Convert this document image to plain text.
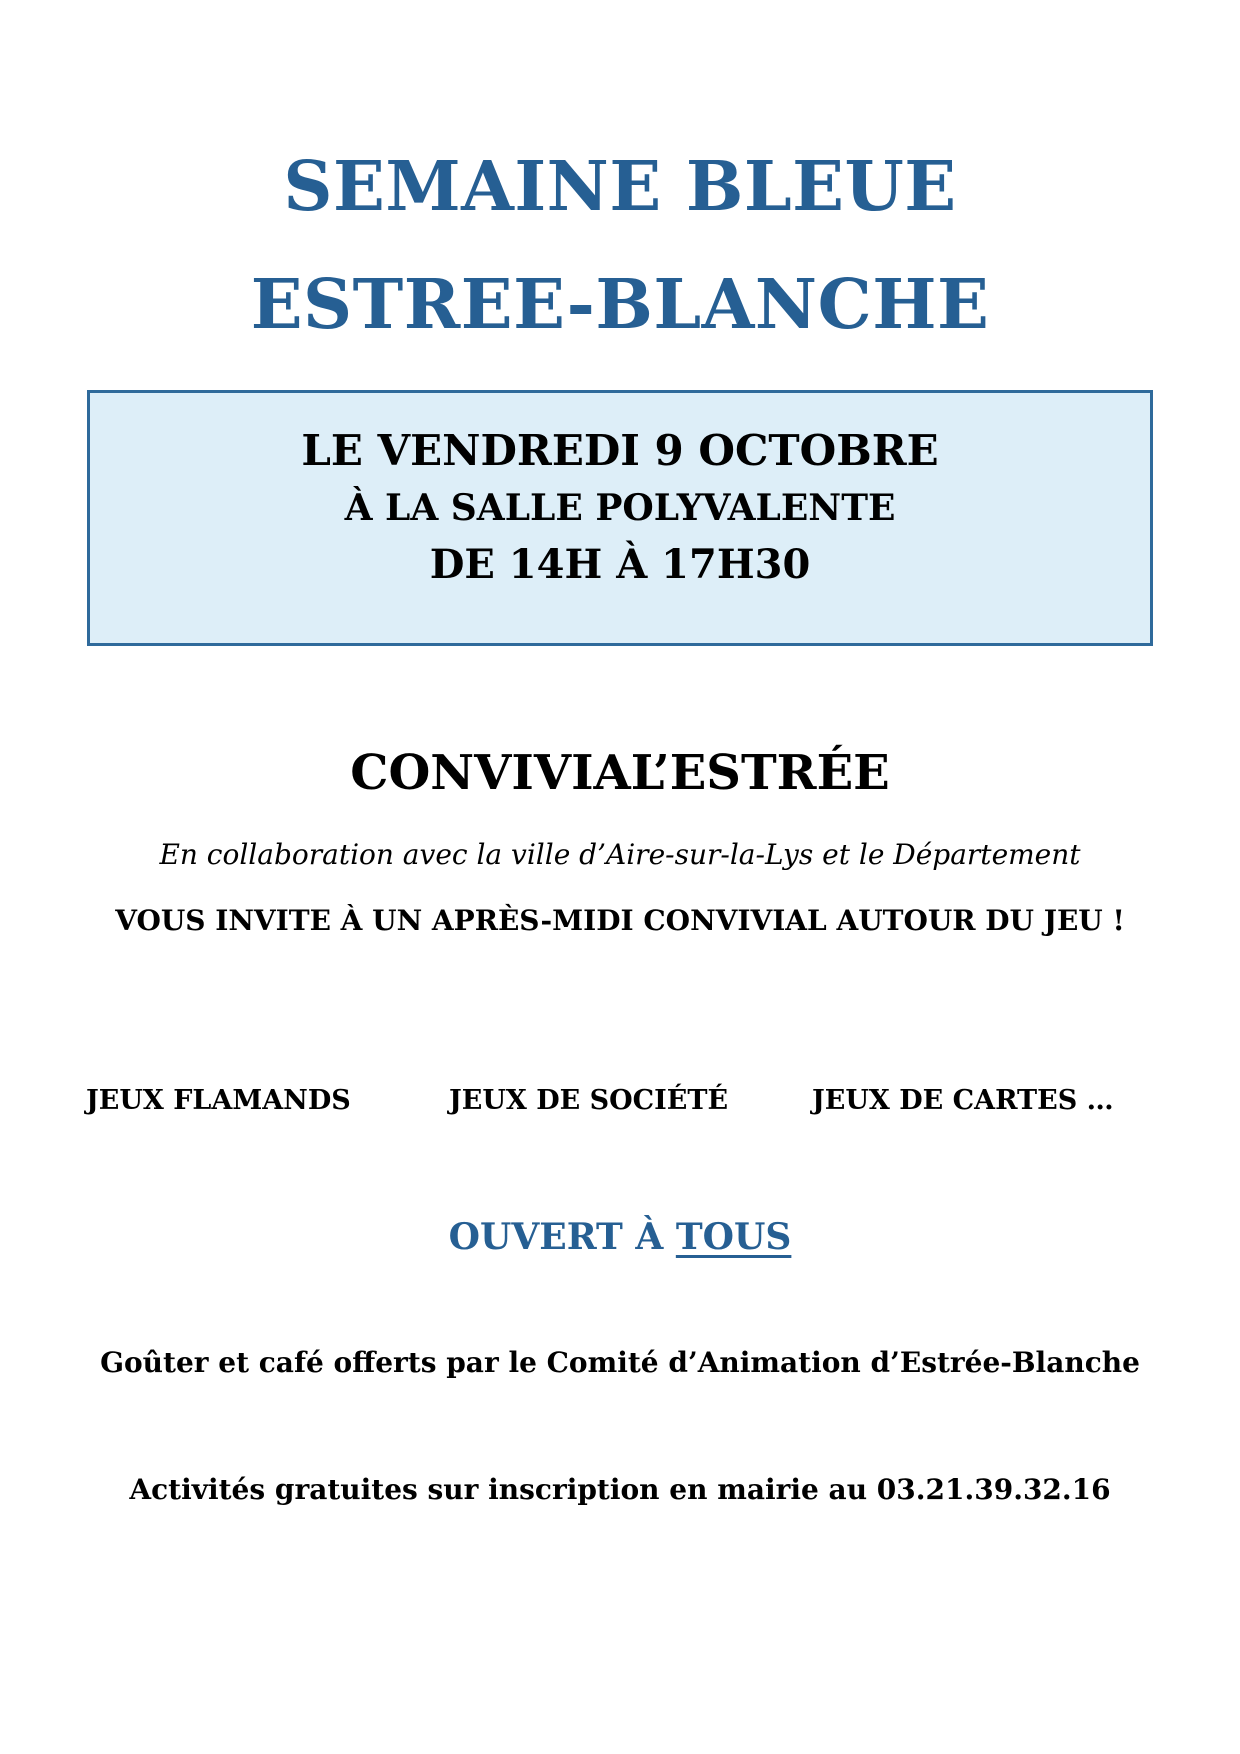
SEMAINE BLEUE
ESTREE-BLANCHE
LE VENDREDI 9 OCTOBRE
À LA SALLE POLYVALENTE
DE 14H À 17H30
CONVIVIAL’ESTRÉE
En collaboration avec la ville d’Aire-sur-la-Lys et le Département
VOUS INVITE À UN APRÈS-MIDI CONVIVIAL AUTOUR DU JEU !
JEUX FLAMANDS	JEUX DE SOCIÉTÉ	JEUX DE CARTES …
OUVERT À TOUS
Goûter et café offerts par le Comité d’Animation d’Estrée-Blanche
Activités gratuites sur inscription en mairie au 03.21.39.32.16
